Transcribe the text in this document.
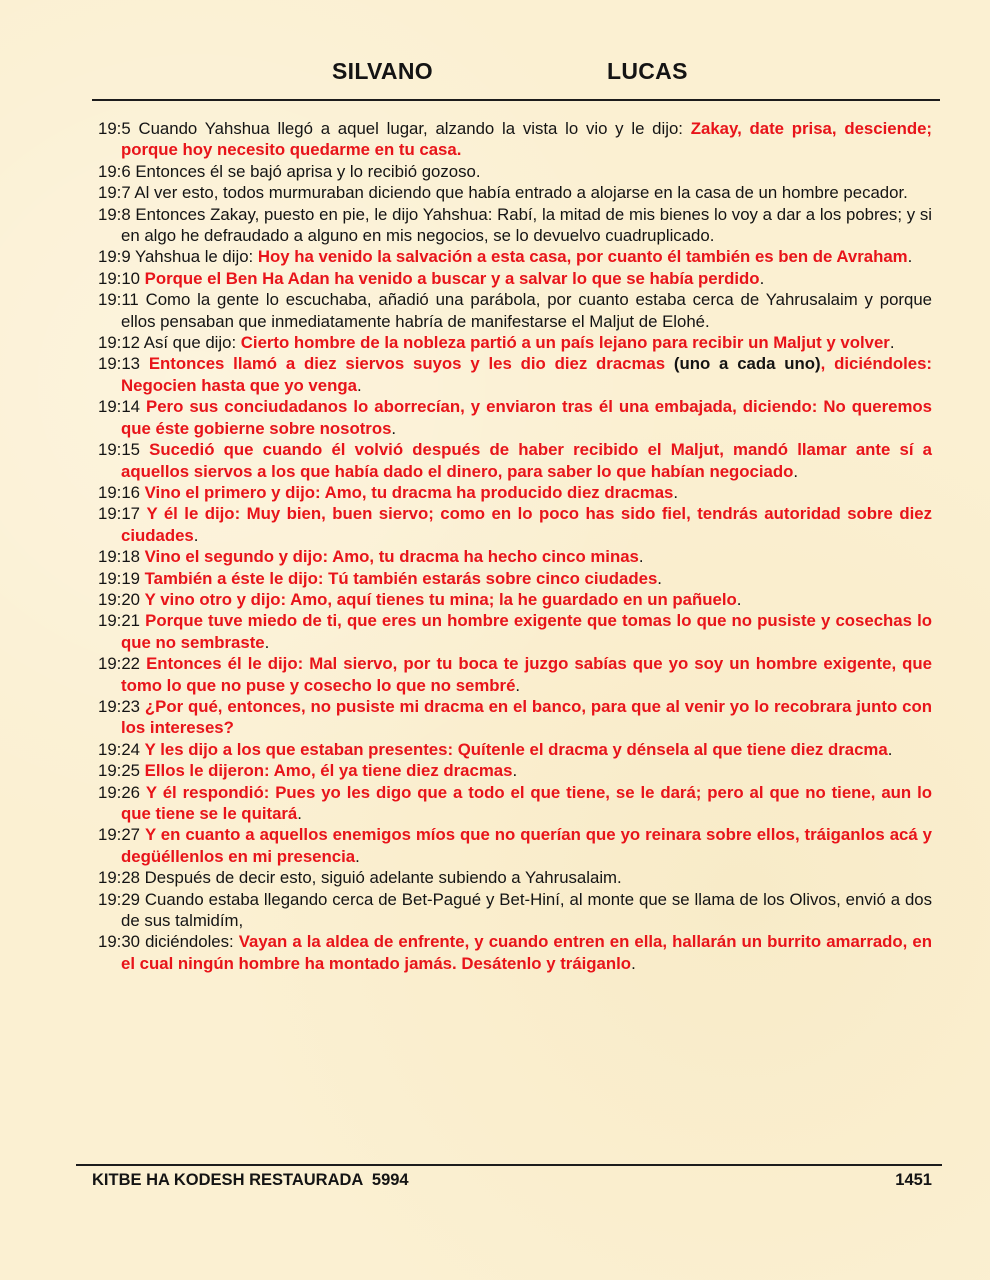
SILVANO	LUCAS

19:5 Cuando Yahshua llegó a aquel lugar, alzando la vista lo vio y le dijo: Zakay, date prisa, desciende; porque hoy necesito quedarme en tu casa.

19:6 Entonces él se bajó aprisa y lo recibió gozoso.

19:7 Al ver esto, todos murmuraban diciendo que había entrado a alojarse en la casa de un hombre pecador.

19:8 Entonces Zakay, puesto en pie, le dijo Yahshua: Rabí, la mitad de mis bienes lo voy a dar a los pobres; y si en algo he defraudado a alguno en mis negocios, se lo devuelvo cuadruplicado.

19:9 Yahshua le dijo: Hoy ha venido la salvación a esta casa, por cuanto él también es ben de Avraham.

19:10 Porque el Ben Ha Adan ha venido a buscar y a salvar lo que se había perdido.

19:11 Como la gente lo escuchaba, añadió una parábola, por cuanto estaba cerca de Yahrusalaim y porque ellos pensaban que inmediatamente habría de manifestarse el Maljut de Elohé.

19:12 Así que dijo: Cierto hombre de la nobleza partió a un país lejano para recibir un Maljut y volver.

19:13 Entonces llamó a diez siervos suyos y les dio diez dracmas (uno a cada uno), diciéndoles: Negocien hasta que yo venga.

19:14 Pero sus conciudadanos lo aborrecían, y enviaron tras él una embajada, diciendo: No queremos que éste gobierne sobre nosotros.

19:15 Sucedió que cuando él volvió después de haber recibido el Maljut, mandó llamar ante sí a aquellos siervos a los que había dado el dinero, para saber lo que habían negociado.

19:16 Vino el primero y dijo: Amo, tu dracma ha producido diez dracmas.

19:17 Y él le dijo: Muy bien, buen siervo; como en lo poco has sido fiel, tendrás autoridad sobre diez ciudades.

19:18 Vino el segundo y dijo: Amo, tu dracma ha hecho cinco minas.

19:19 También a éste le dijo: Tú también estarás sobre cinco ciudades.

19:20 Y vino otro y dijo: Amo, aquí tienes tu mina; la he guardado en un pañuelo.

19:21 Porque tuve miedo de ti, que eres un hombre exigente que tomas lo que no pusiste y cosechas lo que no sembraste.

19:22 Entonces él le dijo: Mal siervo, por tu boca te juzgo sabías que yo soy un hombre exigente, que tomo lo que no puse y cosecho lo que no sembré.

19:23 ¿Por qué, entonces, no pusiste mi dracma en el banco, para que al venir yo lo recobrara junto con los intereses?

19:24 Y les dijo a los que estaban presentes: Quítenle el dracma y dénsela al que tiene diez dracma.

19:25 Ellos le dijeron: Amo, él ya tiene diez dracmas.

19:26 Y él respondió: Pues yo les digo que a todo el que tiene, se le dará; pero al que no tiene, aun lo que tiene se le quitará.

19:27 Y en cuanto a aquellos enemigos míos que no querían que yo reinara sobre ellos, tráiganlos acá y degüéllenlos en mi presencia.

19:28 Después de decir esto, siguió adelante subiendo a Yahrusalaim.

19:29 Cuando estaba llegando cerca de Bet-Pagué y Bet-Hiní, al monte que se llama de los Olivos, envió a dos de sus talmidím,

19:30 diciéndoles: Vayan a la aldea de enfrente, y cuando entren en ella, hallarán un burrito amarrado, en el cual ningún hombre ha montado jamás. Desátenlo y tráiganlo.

KITBE HA KODESH RESTAURADA  5994	1451
